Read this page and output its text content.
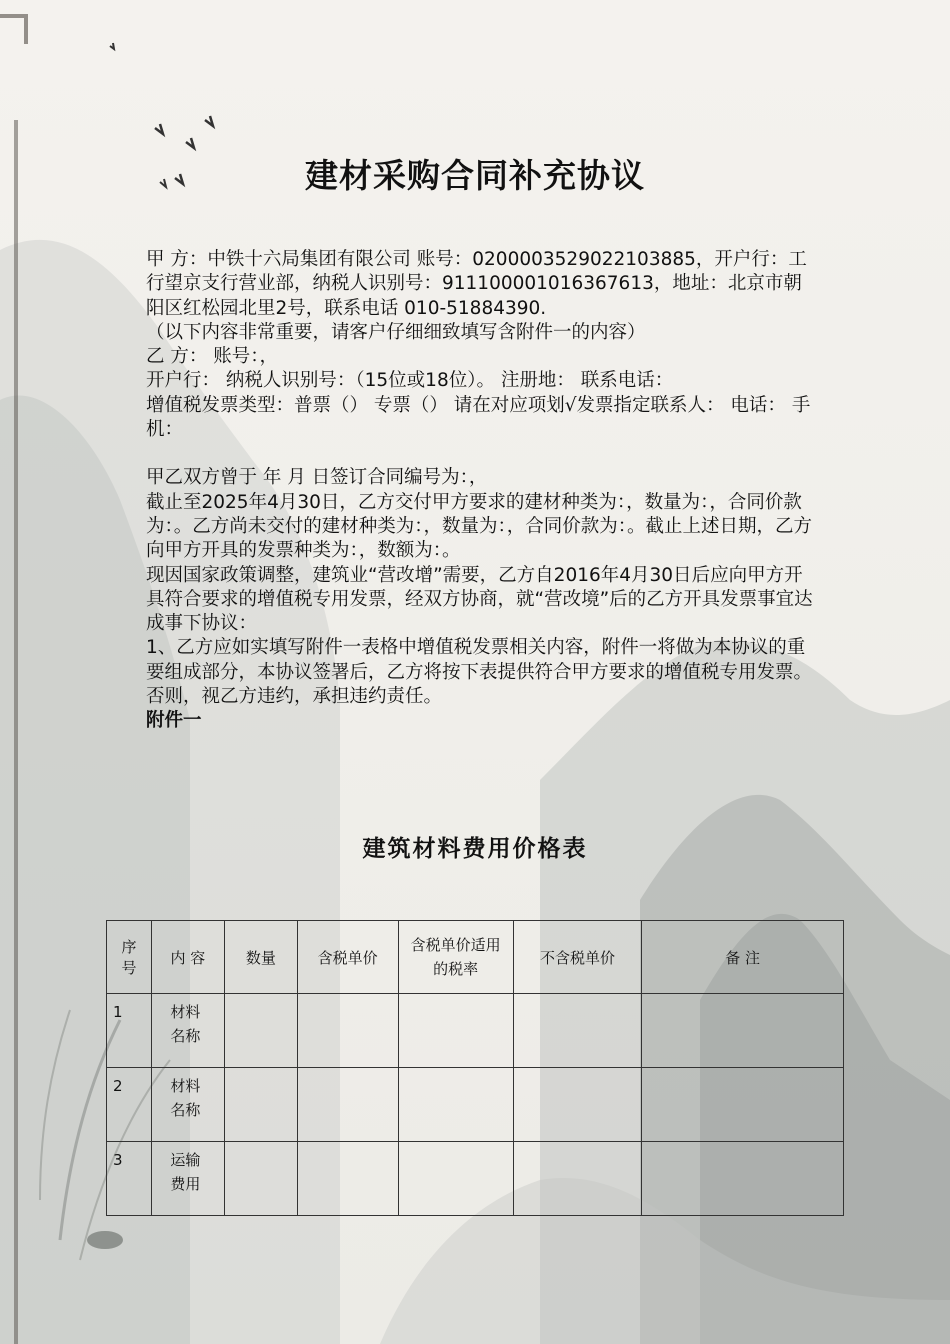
建材采购合同补充协议

甲 方：中铁十六局集团有限公司 账号：020000352902210​3885，开户行：工行望京支行营业部，纳税人识别号：91110000101636​7613，地址：北京市朝阳区红松园北里2号，联系电话 010-51884390.

（以下内容非常重要，请客户仔细细致填写含附件一的内容）

乙 方： 账号：，

开户行： 纳税人识别号：（15位或18位）。 注册地： 联系电话：

增值税发票类型：普票（） 专票（） 请在对应项划√发票指定联系人： 电话： 手机：

甲乙双方曾于 年 月 日签订合同编号为：，

截止至2025年4月30日，乙方交付甲方要求的建材种类为：，数量为：，合同价款为：。乙方尚未交付的建材种类为：，数量为：，合同价款为：。截止上述日期，乙方向甲方开具的发票种类为：，数额为：。

现因国家政策调整，建筑业“营改增”需要，乙方自2016年4月30日后应向甲方开具符合要求的增值税专用发票，经双方协商，就“营改境”后的乙方开具发票事宜达成事下协议：

1、乙方应如实填写附件一表格中增值税发票相关内容，附件一将做为本协议的重要组成部分，本协议签署后，乙方将按下表提供符合甲方要求的增值税专用发票。否则，视乙方违约，承担违约责任。

附件一

建筑材料费用价格表
序号	内 容	数量	含税单价	含税单价适用的税率	不含税单价	备 注
1	材料名称					

2	材料名称					

3	运输费用					
